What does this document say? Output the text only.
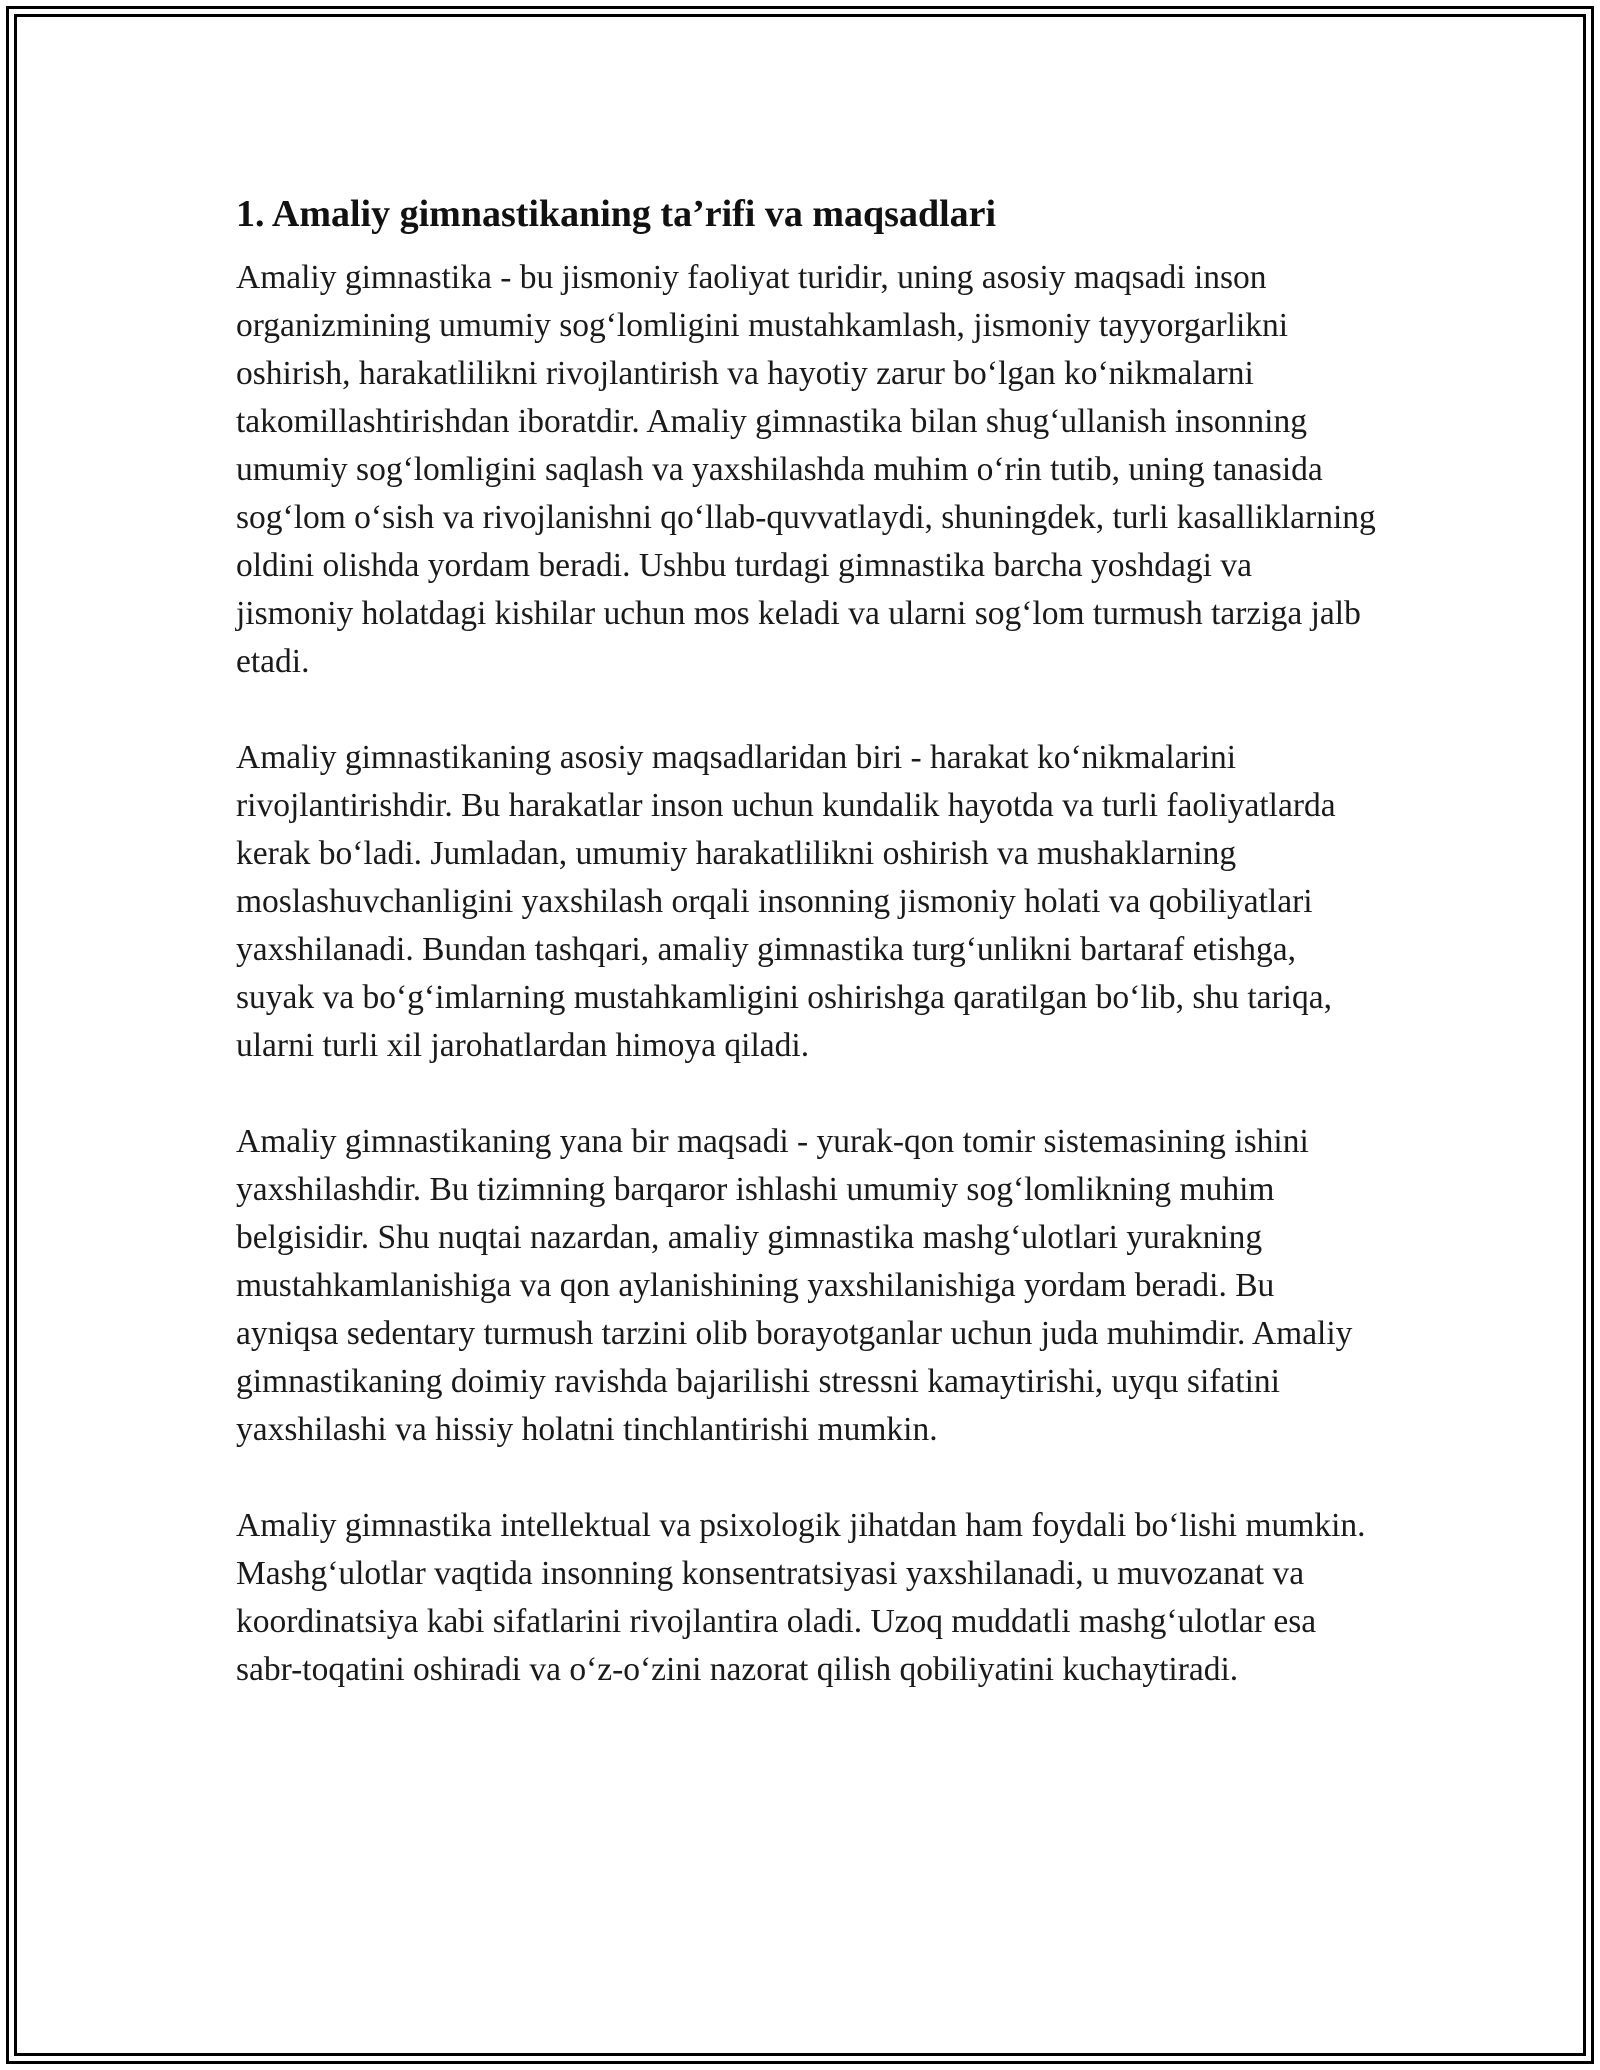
1. Amaliy gimnastikaning ta’rifi va maqsadlari

Amaliy gimnastika - bu jismoniy faoliyat turidir, uning asosiy maqsadi inson organizmining umumiy sog‘lomligini mustahkamlash, jismoniy tayyorgarlikni oshirish, harakatlilikni rivojlantirish va hayotiy zarur bo‘lgan ko‘nikmalarni takomillashtirishdan iboratdir. Amaliy gimnastika bilan shug‘ullanish insonning umumiy sog‘lomligini saqlash va yaxshilashda muhim o‘rin tutib, uning tanasida sog‘lom o‘sish va rivojlanishni qo‘llab-quvvatlaydi, shuningdek, turli kasalliklarning oldini olishda yordam beradi. Ushbu turdagi gimnastika barcha yoshdagi va jismoniy holatdagi kishilar uchun mos keladi va ularni sog‘lom turmush tarziga jalb etadi.

Amaliy gimnastikaning asosiy maqsadlaridan biri - harakat ko‘nikmalarini rivojlantirishdir. Bu harakatlar inson uchun kundalik hayotda va turli faoliyatlarda kerak bo‘ladi. Jumladan, umumiy harakatlilikni oshirish va mushaklarning moslashuvchanligini yaxshilash orqali insonning jismoniy holati va qobiliyatlari yaxshilanadi. Bundan tashqari, amaliy gimnastika turg‘unlikni bartaraf etishga, suyak va bo‘g‘imlarning mustahkamligini oshirishga qaratilgan bo‘lib, shu tariqa, ularni turli xil jarohatlardan himoya qiladi.

Amaliy gimnastikaning yana bir maqsadi - yurak-qon tomir sistemasining ishini yaxshilashdir. Bu tizimning barqaror ishlashi umumiy sog‘lomlikning muhim belgisidir. Shu nuqtai nazardan, amaliy gimnastika mashg‘ulotlari yurakning mustahkamlanishiga va qon aylanishining yaxshilanishiga yordam beradi. Bu ayniqsa sedentary turmush tarzini olib borayotganlar uchun juda muhimdir. Amaliy gimnastikaning doimiy ravishda bajarilishi stressni kamaytirishi, uyqu sifatini yaxshilashi va hissiy holatni tinchlantirishi mumkin.

Amaliy gimnastika intellektual va psixologik jihatdan ham foydali bo‘lishi mumkin. Mashg‘ulotlar vaqtida insonning konsentratsiyasi yaxshilanadi, u muvozanat va koordinatsiya kabi sifatlarini rivojlantira oladi. Uzoq muddatli mashg‘ulotlar esa sabr-toqatini oshiradi va o‘z-o‘zini nazorat qilish qobiliyatini kuchaytiradi.
